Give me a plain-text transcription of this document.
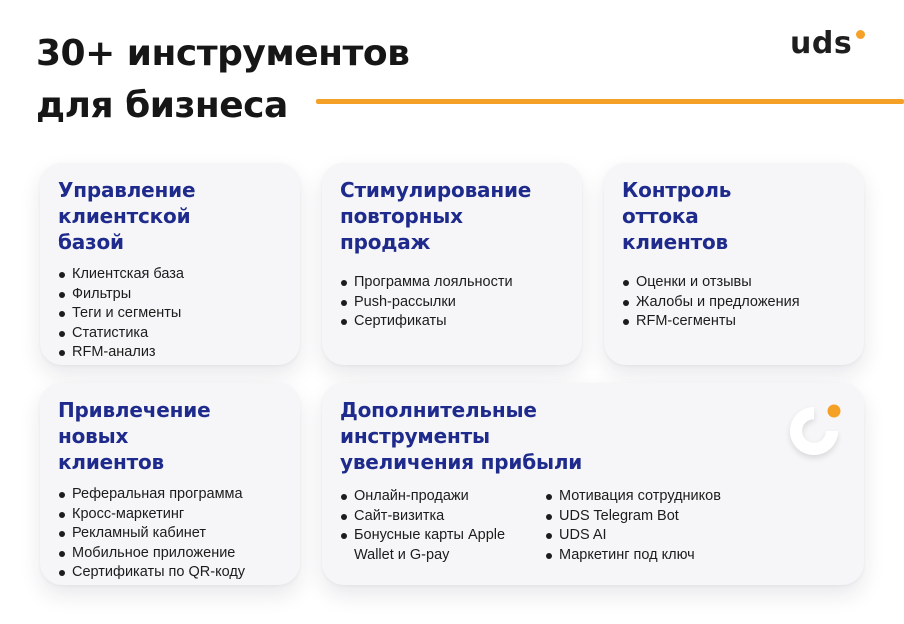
30+ инструментов
для бизнеса
uds
Управление
клиентской
базой
Клиентская база
Фильтры
Теги и сегменты
Статистика
RFM-анализ
Стимулирование
повторных
продаж
Программа лояльности
Push-рассылки
Сертификаты
Контроль
оттока
клиентов
Оценки и отзывы
Жалобы и предложения
RFM-сегменты
Привлечение
новых
клиентов
Реферальная программа
Кросс-маркетинг
Рекламный кабинет
Мобильное приложение
Сертификаты по QR-коду
Дополнительные
инструменты
увеличения прибыли
Онлайн-продажи
Сайт-визитка
Бонусные карты Apple Wallet и G-pay
Мотивация сотрудников
UDS Telegram Bot
UDS AI
Маркетинг под ключ
